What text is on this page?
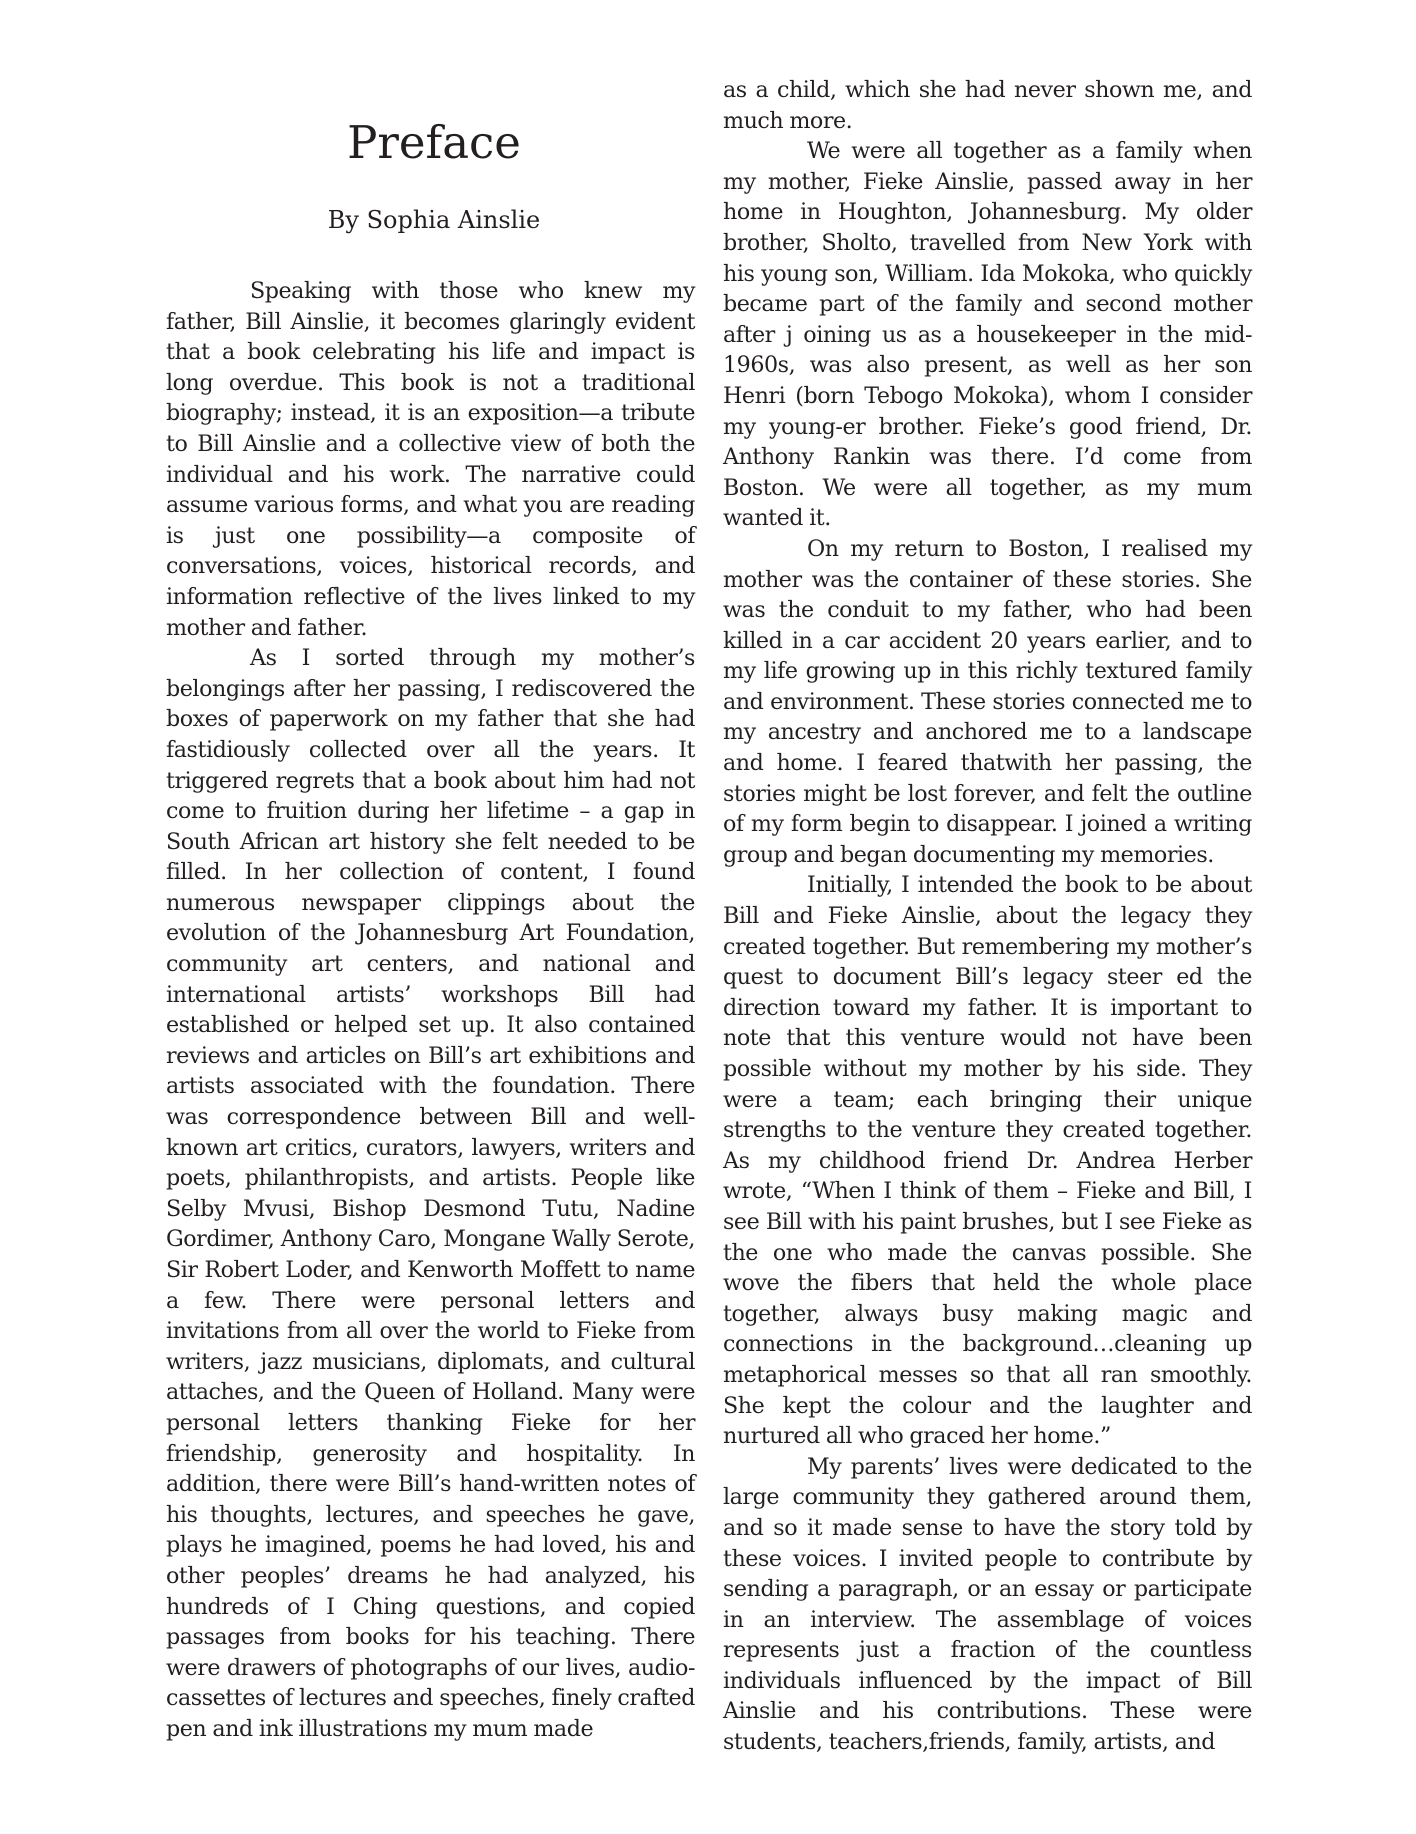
Preface
By Sophia Ainslie

Speaking with those who knew my father, Bill Ainslie, it becomes glaringly evident that a book celebrating his life and impact is long overdue. This book is not a traditional biography; instead, it is an exposition—a tribute to Bill Ainslie and a collective view of both the individual and his work. The narrative could assume various forms, and what you are reading is just one possibility—a composite of conversations, voices, historical records, and information reflective of the lives linked to my mother and father.

As I sorted through my mother’s belongings after her passing, I rediscovered the boxes of paperwork on my father that she had fastidiously collected over all the years. It triggered regrets that a book about him had not come to fruition during her lifetime – a gap in South African art history she felt needed to be filled. In her collection of content, I found numerous newspaper clippings about the evolution of the Johannesburg Art Foundation, community art centers, and national and international artists’ workshops Bill had established or helped set up. It also contained reviews and articles on Bill’s art exhibitions and artists associated with the foundation. There was correspondence between Bill and well-known art critics, curators, lawyers, writers and poets, philanthropists, and artists. People like Selby Mvusi, Bishop Desmond Tutu, Nadine Gordimer, Anthony Caro, Mongane Wally Serote, Sir Robert Loder, and Kenworth Moffett to name a few. There were personal letters and invitations from all over the world to Fieke from writers, jazz musicians, diplomats, and cultural attaches, and the Queen of Holland. Many were personal letters thanking Fieke for her friendship, generosity and hospitality. In addition, there were Bill’s hand-written notes of his thoughts, lectures, and speeches he gave, plays he imagined, poems he had loved, his and other peoples’ dreams he had analyzed, his hundreds of I Ching questions, and copied passages from books for his teaching. There were drawers of photographs of our lives, audio-cassettes of lectures and speeches, finely crafted pen and ink illustrations my mum made

as a child, which she had never shown me, and much more.

We were all together as a family when my mother, Fieke Ainslie, passed away in her home in Houghton, Johannesburg. My older brother, Sholto, travelled from New York with his young son, William. Ida Mokoka, who quickly became part of the family and second mother after j oining us as a housekeeper in the mid-1960s, was also present, as well as her son Henri (born Tebogo Mokoka), whom I consider my young-er brother. Fieke’s good friend, Dr. Anthony Rankin was there. I’d come from Boston. We were all together, as my mum wanted it.

On my return to Boston, I realised my mother was the container of these stories. She was the conduit to my father, who had been killed in a car accident 20 years earlier, and to my life growing up in this richly textured family and environment. These stories connected me to my ancestry and anchored me to a landscape and home. I feared thatwith her passing, the stories might be lost forever, and felt the outline of my form begin to disappear. I joined a writing group and began documenting my memories.

Initially, I intended the book to be about Bill and Fieke Ainslie, about the legacy they created together. But remembering my mother’s quest to document Bill’s legacy steer ed the direction toward my father. It is important to note that this venture would not have been possible without my mother by his side. They were a team; each bringing their unique strengths to the venture they created together. As my childhood friend Dr. Andrea Herber wrote, “When I think of them – Fieke and Bill, I see Bill with his paint brushes, but I see Fieke as the one who made the canvas possible. She wove the fibers that held the whole place together, always busy making magic and connections in the background…cleaning up metaphorical messes so that all ran smoothly. She kept the colour and the laughter and nurtured all who graced her home.”

My parents’ lives were dedicated to the large community they gathered around them, and so it made sense to have the story told by these voices. I invited people to contribute by sending a paragraph, or an essay or participate in an interview. The assemblage of voices represents just a fraction of the countless individuals influenced by the impact of Bill Ainslie and his contributions. These were students, teachers,friends, family, artists, and
